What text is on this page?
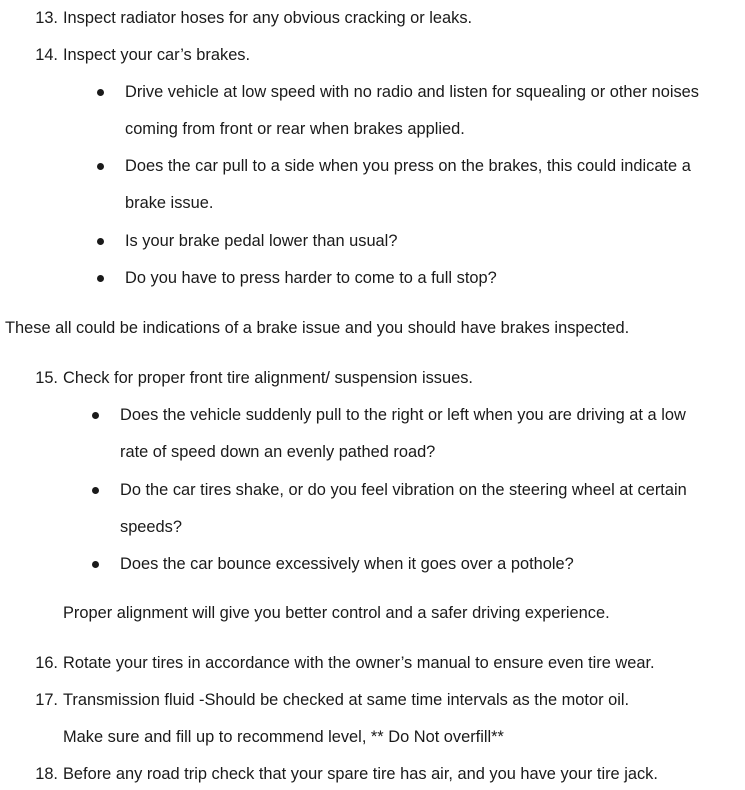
13. Inspect radiator hoses for any obvious cracking or leaks.
14. Inspect your car’s brakes.
Drive vehicle at low speed with no radio and listen for squealing or other noises
coming from front or rear when brakes applied.
Does the car pull to a side when you press on the brakes, this could indicate a
brake issue.
Is your brake pedal lower than usual?
Do you have to press harder to come to a full stop?
These all could be indications of a brake issue and you should have brakes inspected.
15. Check for proper front tire alignment/ suspension issues.
Does the vehicle suddenly pull to the right or left when you are driving at a low
rate of speed down an evenly pathed road?
Do the car tires shake, or do you feel vibration on the steering wheel at certain
speeds?
Does the car bounce excessively when it goes over a pothole?
Proper alignment will give you better control and a safer driving experience.
16. Rotate your tires in accordance with the owner’s manual to ensure even tire wear.
17. Transmission fluid -Should be checked at same time intervals as the motor oil.
Make sure and fill up to recommend level, ** Do Not overfill**
18. Before any road trip check that your spare tire has air, and you have your tire jack.
